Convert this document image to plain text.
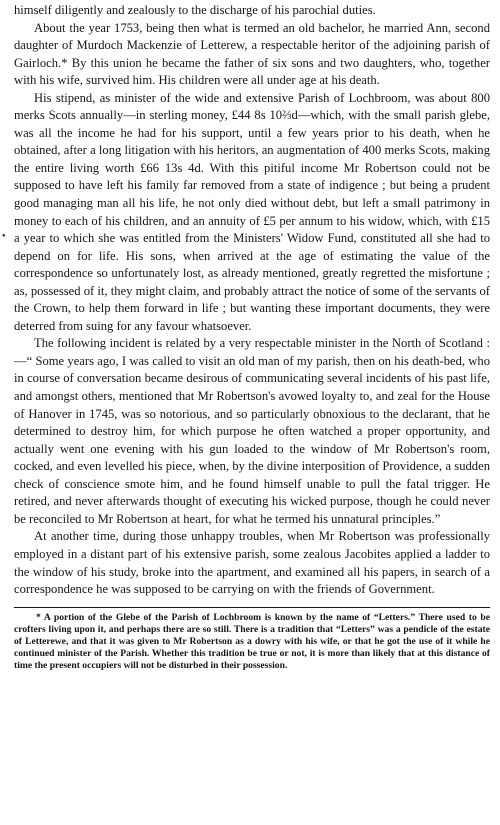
•

himself diligently and zealously to the discharge of his parochial duties.

About the year 1753, being then what is termed an old bachelor, he married Ann, second daughter of Murdoch Mackenzie of Letterew, a respectable heritor of the adjoining parish of Gairloch.* By this union he became the father of six sons and two daughters, who, together with his wife, survived him. His children were all under age at his death.

His stipend, as minister of the wide and extensive Parish of Lochbroom, was about 800 merks Scots annually—in sterling money, £44 8s 10⅔d—which, with the small parish glebe, was all the income he had for his support, until a few years prior to his death, when he obtained, after a long litigation with his heritors, an augmentation of 400 merks Scots, making the entire living worth £66 13s 4d. With this pitiful income Mr Robertson could not be supposed to have left his family far removed from a state of indigence ; but being a prudent good managing man all his life, he not only died without debt, but left a small patrimony in money to each of his children, and an annuity of £5 per annum to his widow, which, with £15 a year to which she was entitled from the Ministers' Widow Fund, constituted all she had to depend on for life. His sons, when arrived at the age of estimating the value of the correspondence so unfortunately lost, as already mentioned, greatly regretted the misfortune ; as, possessed of it, they might claim, and probably attract the notice of some of the servants of the Crown, to help them forward in life ; but wanting these important documents, they were deterred from suing for any favour whatsoever.

The following incident is related by a very respectable minister in the North of Scotland :—“ Some years ago, I was called to visit an old man of my parish, then on his death-bed, who in course of conversation became desirous of communicating several incidents of his past life, and amongst others, mentioned that Mr Robertson's avowed loyalty to, and zeal for the House of Hanover in 1745, was so notorious, and so particularly obnoxious to the declarant, that he determined to destroy him, for which purpose he often watched a proper opportunity, and actually went one evening with his gun loaded to the window of Mr Robertson's room, cocked, and even levelled his piece, when, by the divine interposition of Providence, a sudden check of conscience smote him, and he found himself unable to pull the fatal trigger. He retired, and never afterwards thought of executing his wicked purpose, though he could never be reconciled to Mr Robertson at heart, for what he termed his unnatural principles.”

At another time, during those unhappy troubles, when Mr Robertson was professionally employed in a distant part of his extensive parish, some zealous Jacobites applied a ladder to the window of his study, broke into the apartment, and examined all his papers, in search of a correspondence he was supposed to be carrying on with the friends of Government.

* A portion of the Glebe of the Parish of Lochbroom is known by the name of “Letters.” There used to be crofters living upon it, and perhaps there are so still. There is a tradition that “Letters” was a pendicle of the estate of Letterewe, and that it was given to Mr Robertson as a dowry with his wife, or that he got the use of it while he continued minister of the Parish. Whether this tradition be true or not, it is more than likely that at this distance of time the present occupiers will not be disturbed in their possession.
